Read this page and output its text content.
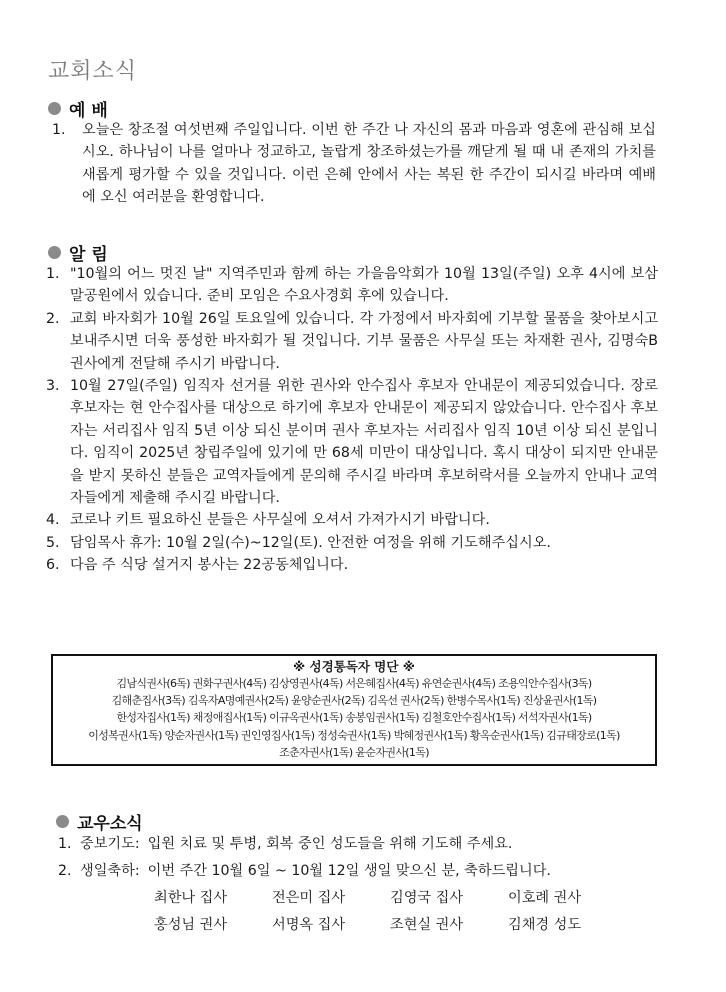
교회소식
예 배
1.	오늘은 창조절 여섯번째 주일입니다. 이번 한 주간 나 자신의 몸과 마음과 영혼에 관심해 보십시오. 하나님이 나를 얼마나 정교하고, 놀랍게 창조하셨는가를 깨닫게 될 때 내 존재의 가치를 새롭게 평가할 수 있을 것입니다. 이런 은혜 안에서 사는 복된 한 주간이 되시길 바라며 예배에 오신 여러분을 환영합니다.
알 림
1. "10월의 어느 멋진 날" 지역주민과 함께 하는 가을음악회가 10월 13일(주일) 오후 4시에 보삼말공원에서 있습니다. 준비 모임은 수요사경회 후에 있습니다.
2. 교회 바자회가 10월 26일 토요일에 있습니다. 각 가정에서 바자회에 기부할 물품을 찾아보시고 보내주시면 더욱 풍성한 바자회가 될 것입니다. 기부 물품은 사무실 또는 차재환 권사, 김명숙B 권사에게 전달해 주시기 바랍니다.
3. 10월 27일(주일) 임직자 선거를 위한 권사와 안수집사 후보자 안내문이 제공되었습니다. 장로 후보자는 현 안수집사를 대상으로 하기에 후보자 안내문이 제공되지 않았습니다. 안수집사 후보자는 서리집사 임직 5년 이상 되신 분이며 권사 후보자는 서리집사 임직 10년 이상 되신 분입니다. 임직이 2025년 창립주일에 있기에 만 68세 미만이 대상입니다. 혹시 대상이 되지만 안내문을 받지 못하신 분들은 교역자들에게 문의해 주시길 바라며 후보허락서를 오늘까지 안내나 교역자들에게 제출해 주시길 바랍니다.
4. 코로나 키트 필요하신 분들은 사무실에 오셔서 가져가시기 바랍니다.
5. 담임목사 휴가: 10월 2일(수)~12일(토). 안전한 여정을 위해 기도해주십시오.
6. 다음 주 식당 설거지 봉사는 22공동체입니다.
※ 성경통독자 명단 ※
김남식권사(6독) 권화구권사(4독) 김상영권사(4독) 서은혜집사(4독) 유연순권사(4독) 조용익안수집사(3독)
김해춘집사(3독) 김옥자A명예권사(2독) 윤양순권사(2독) 김옥선 권사(2독) 한병수목사(1독) 진상윤권사(1독)
한성자집사(1독) 채정애집사(1독) 이규옥권사(1독) 송봉임권사(1독) 김철호안수집사(1독) 서석자권사(1독)
이성복권사(1독) 양순자권사(1독) 권인영집사(1독) 정성숙권사(1독) 박혜정권사(1독) 황옥순권사(1독) 김규태장로(1독)
조춘자권사(1독) 윤순자권사(1독)
교우소식
1. 중보기도: 입원 치료 및 투병, 회복 중인 성도들을 위해 기도해 주세요.
2. 생일축하: 이번 주간 10월 6일 ~ 10월 12일 생일 맞으신 분, 축하드립니다.
최한나 집사	전은미 집사	김영국 집사	이호례 권사
홍성님 권사	서명옥 집사	조현실 권사	김채경 성도
